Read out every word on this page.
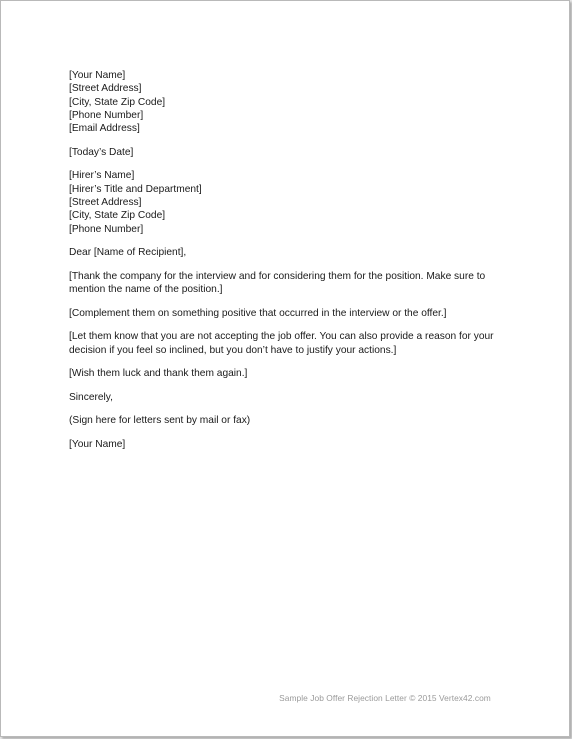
[Your Name]
[Street Address]
[City, State Zip Code]
[Phone Number]
[Email Address]
[Today’s Date]
[Hirer’s Name]
[Hirer’s Title and Department]
[Street Address]
[City, State Zip Code]
[Phone Number]
Dear [Name of Recipient],
[Thank the company for the interview and for considering them for the position. Make sure to
mention the name of the position.]
[Complement them on something positive that occurred in the interview or the offer.]
[Let them know that you are not accepting the job offer. You can also provide a reason for your
decision if you feel so inclined, but you don’t have to justify your actions.]
[Wish them luck and thank them again.]
Sincerely,
(Sign here for letters sent by mail or fax)
[Your Name]
Sample Job Offer Rejection Letter © 2015 Vertex42.com
